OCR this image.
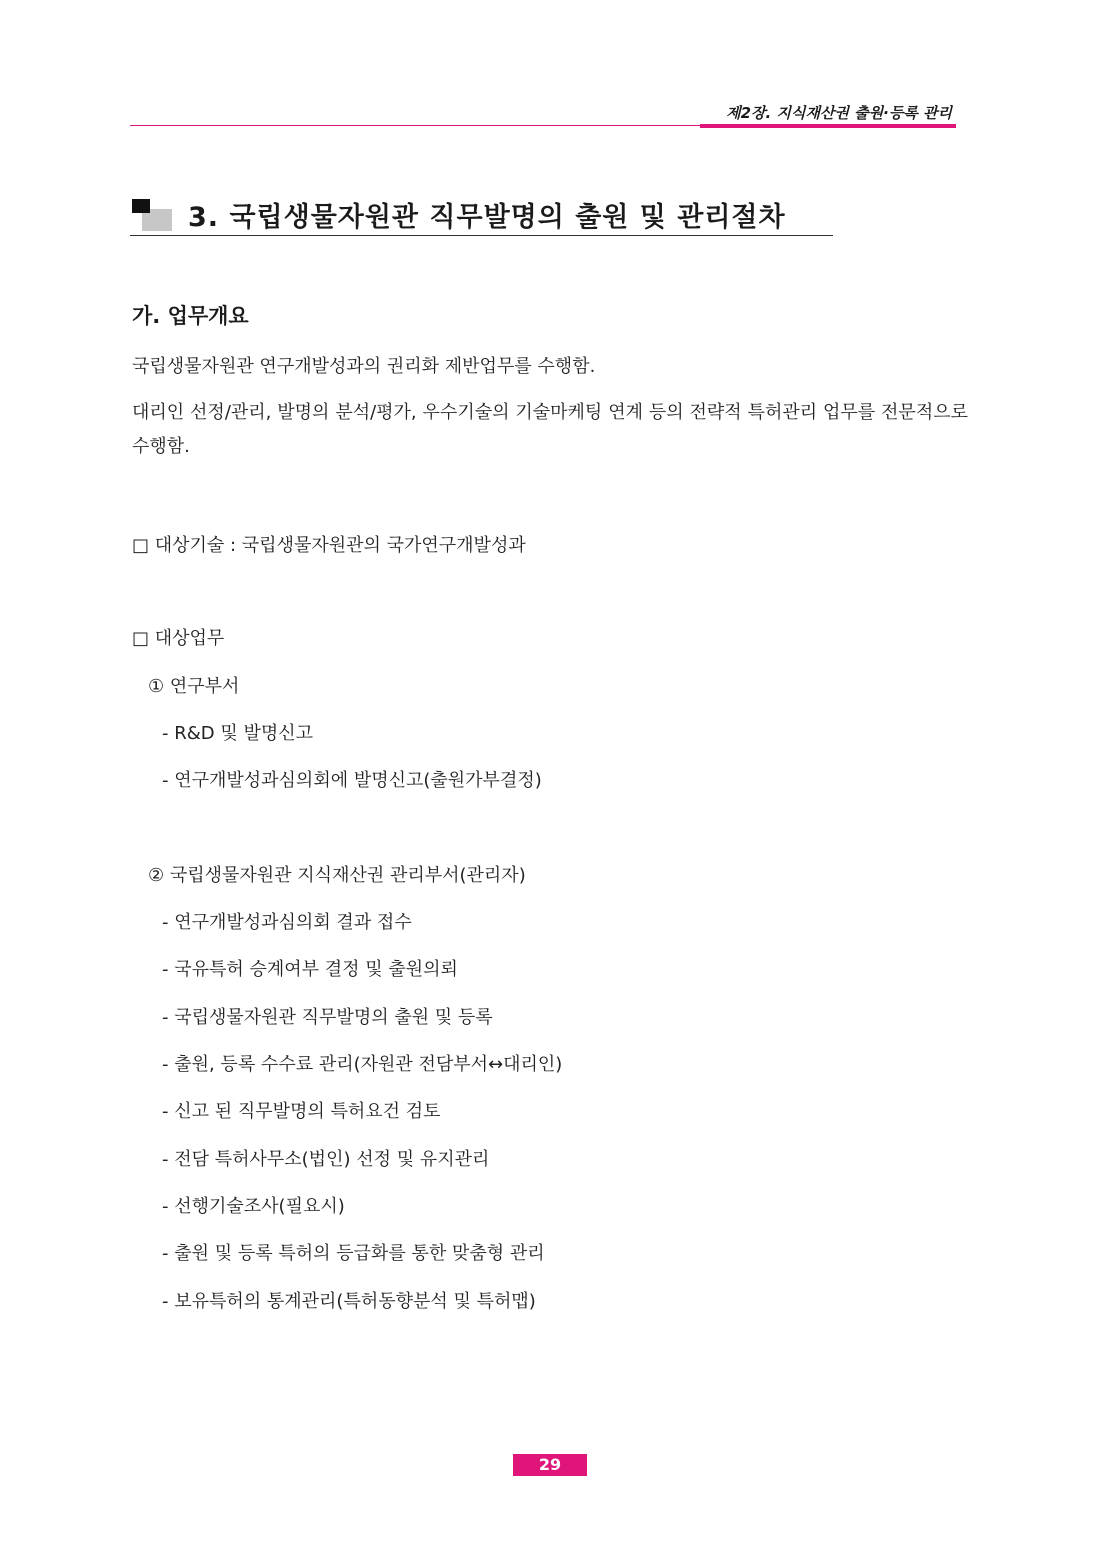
제2장. 지식재산권 출원·등록 관리
3. 국립생물자원관 직무발명의 출원 및 관리절차
가. 업무개요
국립생물자원관 연구개발성과의 권리화 제반업무를 수행함.
대리인 선정/관리, 발명의 분석/평가, 우수기술의 기술마케팅 연계 등의 전략적 특허관리 업무를 전문적으로 수행함.
□ 대상기술 : 국립생물자원관의 국가연구개발성과
□ 대상업무
① 연구부서
- R&D 및 발명신고
- 연구개발성과심의회에 발명신고(출원가부결정)
② 국립생물자원관 지식재산권 관리부서(관리자)
- 연구개발성과심의회 결과 접수
- 국유특허 승계여부 결정 및 출원의뢰
- 국립생물자원관 직무발명의 출원 및 등록
- 출원, 등록 수수료 관리(자원관 전담부서↔대리인)
- 신고 된 직무발명의 특허요건 검토
- 전담 특허사무소(법인) 선정 및 유지관리
- 선행기술조사(필요시)
- 출원 및 등록 특허의 등급화를 통한 맞춤형 관리
- 보유특허의 통계관리(특허동향분석 및 특허맵)
29
